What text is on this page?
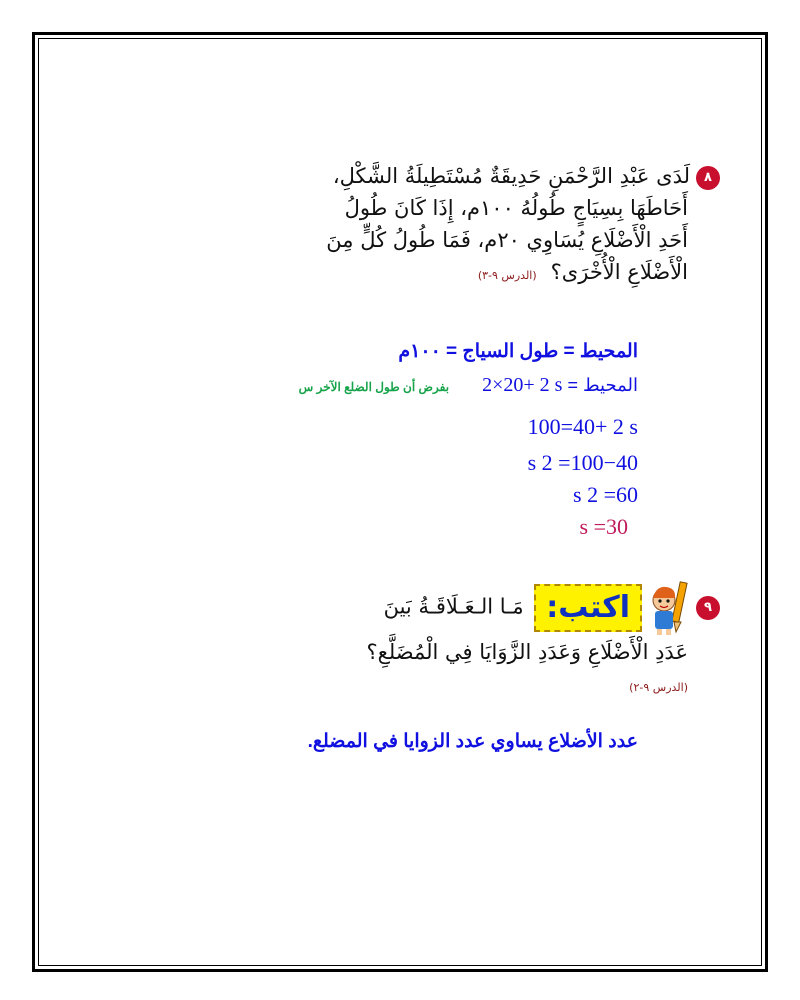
٨لَدَى عَبْدِ الرَّحْمَنِ حَدِيقَةٌ مُسْتَطِيلَةُ الشَّكْلِ،
أَحَاطَهَا بِسِيَاجٍ طُولُهُ ١٠٠م، إِذَا كَانَ طُولُ
أَحَدِ الْأَضْلَاعِ يُسَاوِي ٢٠م، فَمَا طُولُ كُلٍّ مِنَ
الْأَضْلَاعِ الْأُخْرَى؟(الدرس ٩-٣)
المحيط = طول السياج = ١٠٠م
المحيط = 2×20+ 2 s بفرض أن طول الضلع الآخر س
100=40+ 2 s
s 2 =100−40
s 2 =60
s =30
٩اكتب: مَـا الـعَـلَاقَـةُ بَينَ
عَدَدِ الْأَضْلَاعِ وَعَدَدِ الزَّوَايَا فِي الْمُضَلَّعِ؟
(الدرس ٩-٢)
عدد الأضلاع يساوي عدد الزوايا في المضلع.
